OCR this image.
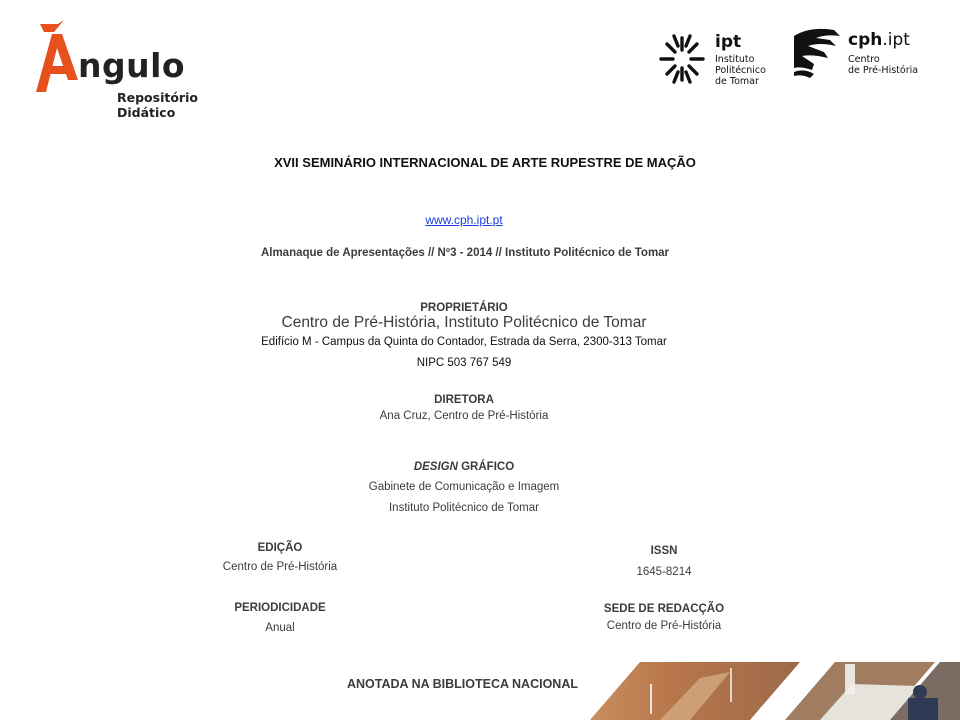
ngulo
Repositório
Didático
ipt
Instituto
Politécnico
de Tomar
cph.ipt
Centro
de Pré-História
XVII SEMINÁRIO INTERNACIONAL DE ARTE RUPESTRE DE MAÇÃO
www.cph.ipt.pt
Almanaque de Apresentações // Nº3 - 2014 // Instituto Politécnico de Tomar
PROPRIETÁRIO
Centro de Pré-História, Instituto Politécnico de Tomar
Edifício M - Campus da Quinta do Contador, Estrada da Serra, 2300-313 Tomar
NIPC 503 767 549
DIRETORA
Ana Cruz, Centro de Pré-História
DESIGN GRÁFICO
Gabinete de Comunicação e Imagem
Instituto Politécnico de Tomar
EDIÇÃO
Centro de Pré-História
PERIODICIDADE
Anual
ISSN
1645-8214
SEDE DE REDACÇÃO
Centro de Pré-História
ANOTADA NA BIBLIOTECA NACIONAL
